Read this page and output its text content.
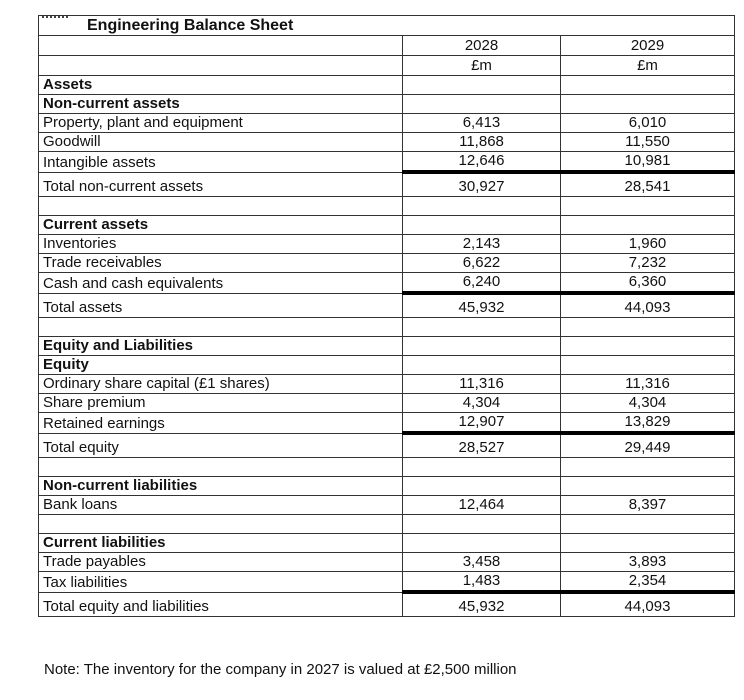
Engineering Balance Sheet		
	2028	2029
	£m	£m
Assets		
Non-current assets		
Property, plant and equipment	6,413	6,010
Goodwill	11,868	11,550
Intangible assets	12,646	10,981
Total non-current assets	30,927	28,541

Current assets		
Inventories	2,143	1,960
Trade receivables	6,622	7,232
Cash and cash equivalents	6,240	6,360
Total assets	45,932	44,093

Equity and Liabilities		
Equity		
Ordinary share capital (£1 shares)	11,316	11,316
Share premium	4,304	4,304
Retained earnings	12,907	13,829
Total equity	28,527	29,449

Non-current liabilities		
Bank loans	12,464	8,397

Current liabilities		
Trade payables	3,458	3,893
Tax liabilities	1,483	2,354
Total equity and liabilities	45,932	44,093
Note: The inventory for the company in 2027 is valued at £2,500 million
